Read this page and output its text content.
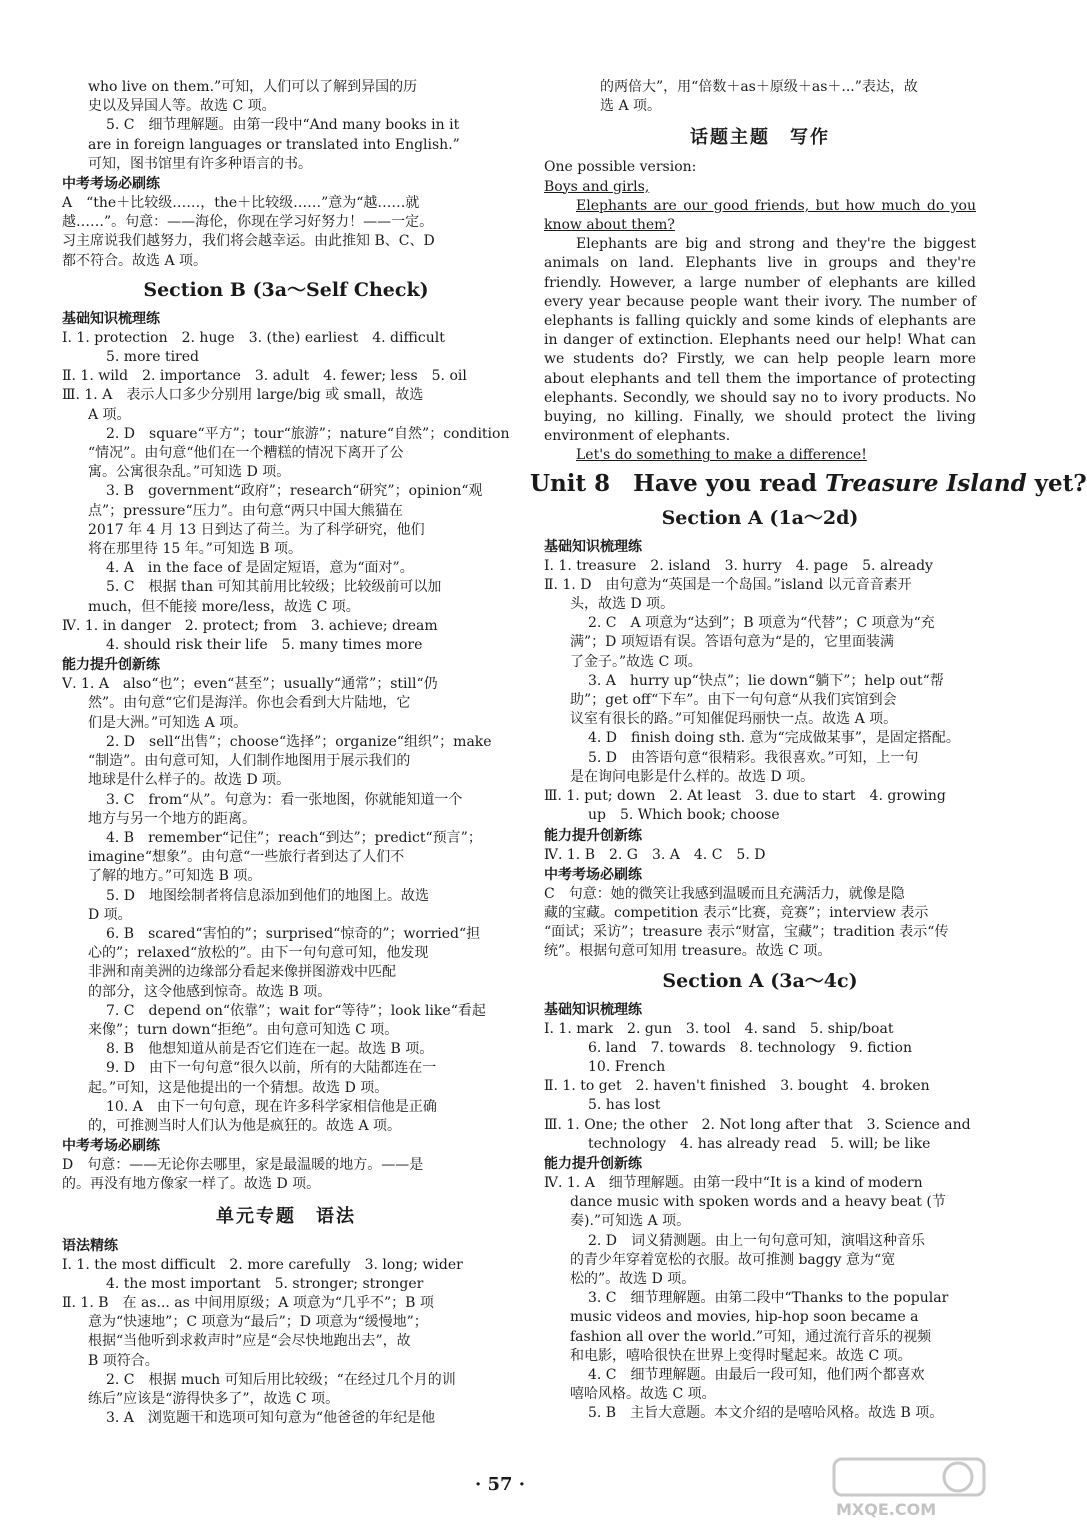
who live on them.”可知，人们可以了解到异国的历
史以及异国人等。故选 C 项。
5. C　细节理解题。由第一段中“And many books in it
are in foreign languages or translated into English.”
可知，图书馆里有许多种语言的书。
中考考场必刷练
A　“the＋比较级……，the＋比较级……”意为“越……就
越……”。句意：——海伦，你现在学习好努力！——一定。
习主席说我们越努力，我们将会越幸运。由此推知 B、C、D
都不符合。故选 A 项。
Section B (3a～Self Check)
基础知识梳理练
Ⅰ. 1. protection　2. huge　3. (the) earliest　4. difficult
5. more tired
Ⅱ. 1. wild　2. importance　3. adult　4. fewer; less　5. oil
Ⅲ. 1. A　表示人口多少分别用 large/big 或 small，故选
A 项。
2. D　square“平方”；tour“旅游”；nature“自然”；condition
“情况”。由句意“他们在一个糟糕的情况下离开了公
寓。公寓很杂乱。”可知选 D 项。
3. B　government“政府”；research“研究”；opinion“观
点”；pressure“压力”。由句意“两只中国大熊猫在
2017 年 4 月 13 日到达了荷兰。为了科学研究，他们
将在那里待 15 年。”可知选 B 项。
4. A　in the face of 是固定短语，意为“面对”。
5. C　根据 than 可知其前用比较级；比较级前可以加
much，但不能接 more/less，故选 C 项。
Ⅳ. 1. in danger　2. protect; from　3. achieve; dream
4. should risk their life　5. many times more
能力提升创新练
Ⅴ. 1. A　also“也”；even“甚至”；usually“通常”；still“仍
然”。由句意“它们是海洋。你也会看到大片陆地，它
们是大洲。”可知选 A 项。
2. D　sell“出售”；choose“选择”；organize“组织”；make
“制造”。由句意可知，人们制作地图用于展示我们的
地球是什么样子的。故选 D 项。
3. C　from“从”。句意为：看一张地图，你就能知道一个
地方与另一个地方的距离。
4. B　remember“记住”；reach“到达”；predict“预言”；
imagine“想象”。由句意“一些旅行者到达了人们不
了解的地方。”可知选 B 项。
5. D　地图绘制者将信息添加到他们的地图上。故选
D 项。
6. B　scared“害怕的”；surprised“惊奇的”；worried“担
心的”；relaxed“放松的”。由下一句句意可知，他发现
非洲和南美洲的边缘部分看起来像拼图游戏中匹配
的部分，这令他感到惊奇。故选 B 项。
7. C　depend on“依靠”；wait for“等待”；look like“看起
来像”；turn down“拒绝”。由句意可知选 C 项。
8. B　他想知道从前是否它们连在一起。故选 B 项。
9. D　由下一句句意“很久以前，所有的大陆都连在一
起。”可知，这是他提出的一个猜想。故选 D 项。
10. A　由下一句句意，现在许多科学家相信他是正确
的，可推测当时人们认为他是疯狂的。故选 A 项。
中考考场必刷练
D　句意：——无论你去哪里，家是最温暖的地方。——是
的。再没有地方像家一样了。故选 D 项。
单元专题　语法
语法精练
Ⅰ. 1. the most difficult　2. more carefully　3. long; wider
4. the most important　5. stronger; stronger
Ⅱ. 1. B　在 as... as 中间用原级；A 项意为“几乎不”；B 项
意为“快速地”；C 项意为“最后”；D 项意为“缓慢地”；
根据“当他听到求救声时”应是“会尽快地跑出去”，故
B 项符合。
2. C　根据 much 可知后用比较级；“在经过几个月的训
练后”应该是“游得快多了”，故选 C 项。
3. A　浏览题干和选项可知句意为“他爸爸的年纪是他
的两倍大”，用“倍数＋as＋原级＋as＋...”表达，故
选 A 项。
话题主题　写作
One possible version:
Boys and girls,
Elephants are our good friends, but how much do you know about them?
Elephants are big and strong and they're the biggest animals on land. Elephants live in groups and they're friendly. However, a large number of elephants are killed every year because people want their ivory. The number of elephants is falling quickly and some kinds of elephants are in danger of extinction. Elephants need our help! What can we students do? Firstly, we can help people learn more about elephants and tell them the importance of protecting elephants. Secondly, we should say no to ivory products. No buying, no killing. Finally, we should protect the living environment of elephants.
Let's do something to make a difference!
Unit 8　Have you read Treasure Island yet?
Section A (1a～2d)
基础知识梳理练
Ⅰ. 1. treasure　2. island　3. hurry　4. page　5. already
Ⅱ. 1. D　由句意为“英国是一个岛国。”island 以元音音素开
头，故选 D 项。
2. C　A 项意为“达到”；B 项意为“代替”；C 项意为“充
满”；D 项短语有误。答语句意为“是的，它里面装满
了金子。”故选 C 项。
3. A　hurry up“快点”；lie down“躺下”；help out“帮
助”；get off“下车”。由下一句句意“从我们宾馆到会
议室有很长的路。”可知催促玛丽快一点。故选 A 项。
4. D　finish doing sth. 意为“完成做某事”，是固定搭配。
5. D　由答语句意“很精彩。我很喜欢。”可知，上一句
是在询问电影是什么样的。故选 D 项。
Ⅲ. 1. put; down　2. At least　3. due to start　4. growing
up　5. Which book; choose
能力提升创新练
Ⅳ. 1. B　2. G　3. A　4. C　5. D
中考考场必刷练
C　句意：她的微笑让我感到温暖而且充满活力，就像是隐
藏的宝藏。competition 表示“比赛，竞赛”；interview 表示
“面试；采访”；treasure 表示“财富，宝藏”；tradition 表示“传
统”。根据句意可知用 treasure。故选 C 项。
Section A (3a～4c)
基础知识梳理练
Ⅰ. 1. mark　2. gun　3. tool　4. sand　5. ship/boat
6. land　7. towards　8. technology　9. fiction
10. French
Ⅱ. 1. to get　2. haven't finished　3. bought　4. broken
5. has lost
Ⅲ. 1. One; the other　2. Not long after that　3. Science and
technology　4. has already read　5. will; be like
能力提升创新练
Ⅳ. 1. A　细节理解题。由第一段中“It is a kind of modern
dance music with spoken words and a heavy beat (节
奏).”可知选 A 项。
2. D　词义猜测题。由上一句句意可知，演唱这种音乐
的青少年穿着宽松的衣服。故可推测 baggy 意为“宽
松的”。故选 D 项。
3. C　细节理解题。由第二段中“Thanks to the popular
music videos and movies, hip-hop soon became a
fashion all over the world.”可知，通过流行音乐的视频
和电影，嘻哈很快在世界上变得时髦起来。故选 C 项。
4. C　细节理解题。由最后一段可知，他们两个都喜欢
嘻哈风格。故选 C 项。
5. B　主旨大意题。本文介绍的是嘻哈风格。故选 B 项。
· 57 ·
MXQE.COM
